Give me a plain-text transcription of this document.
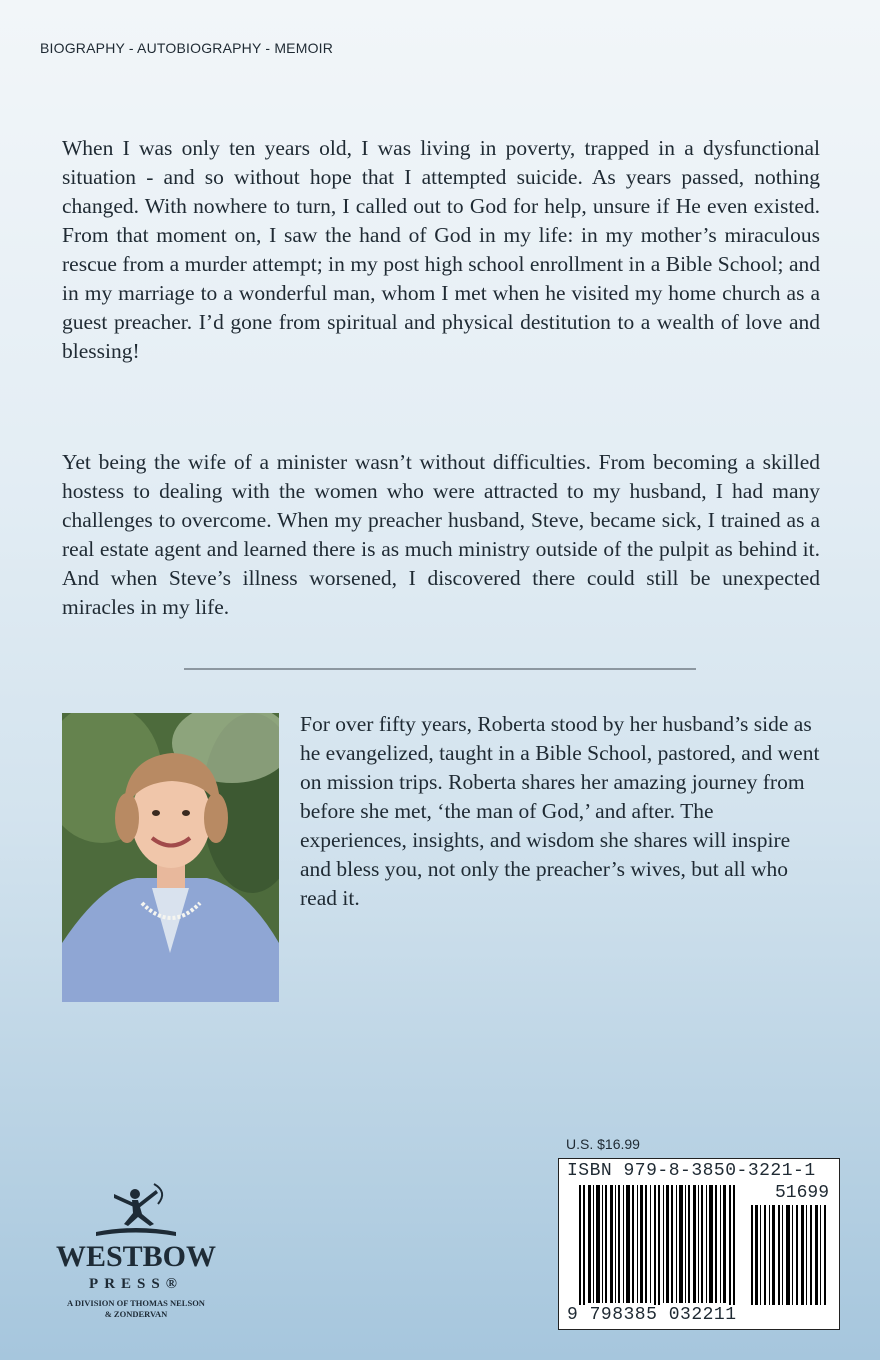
BIOGRAPHY - AUTOBIOGRAPHY - MEMOIR
When I was only ten years old, I was living in poverty, trapped in a dysfunctional situation - and so without hope that I attempted suicide. As years passed, nothing changed. With nowhere to turn, I called out to God for help, unsure if He even existed. From that moment on, I saw the hand of God in my life: in my mother’s miraculous rescue from a murder attempt; in my post high school enrollment in a Bible School; and in my marriage to a wonderful man, whom I met when he visited my home church as a guest preacher. I’d gone from spiritual and physical destitution to a wealth of love and blessing!
Yet being the wife of a minister wasn’t without difficulties. From becoming a skilled hostess to dealing with the women who were attracted to my husband, I had many challenges to overcome. When my preacher husband, Steve, became sick, I trained as a real estate agent and learned there is as much ministry outside of the pulpit as behind it. And when Steve’s illness worsened, I discovered there could still be unexpected miracles in my life.
For over fifty years, Roberta stood by her husband’s side as he evangelized, taught in a Bible School, pastored, and went on mission trips. Roberta shares her amazing journey from before she met, ‘the man of God,’ and after. The experiences, insights, and wisdom she shares will inspire and bless you, not only the preacher’s wives, but all who read it.
WESTBOW
PRESS®
A DIVISION OF THOMAS NELSON
& ZONDERVAN
U.S. $16.99
ISBN 979-8-3850-3221-1
51699
9 798385 032211
